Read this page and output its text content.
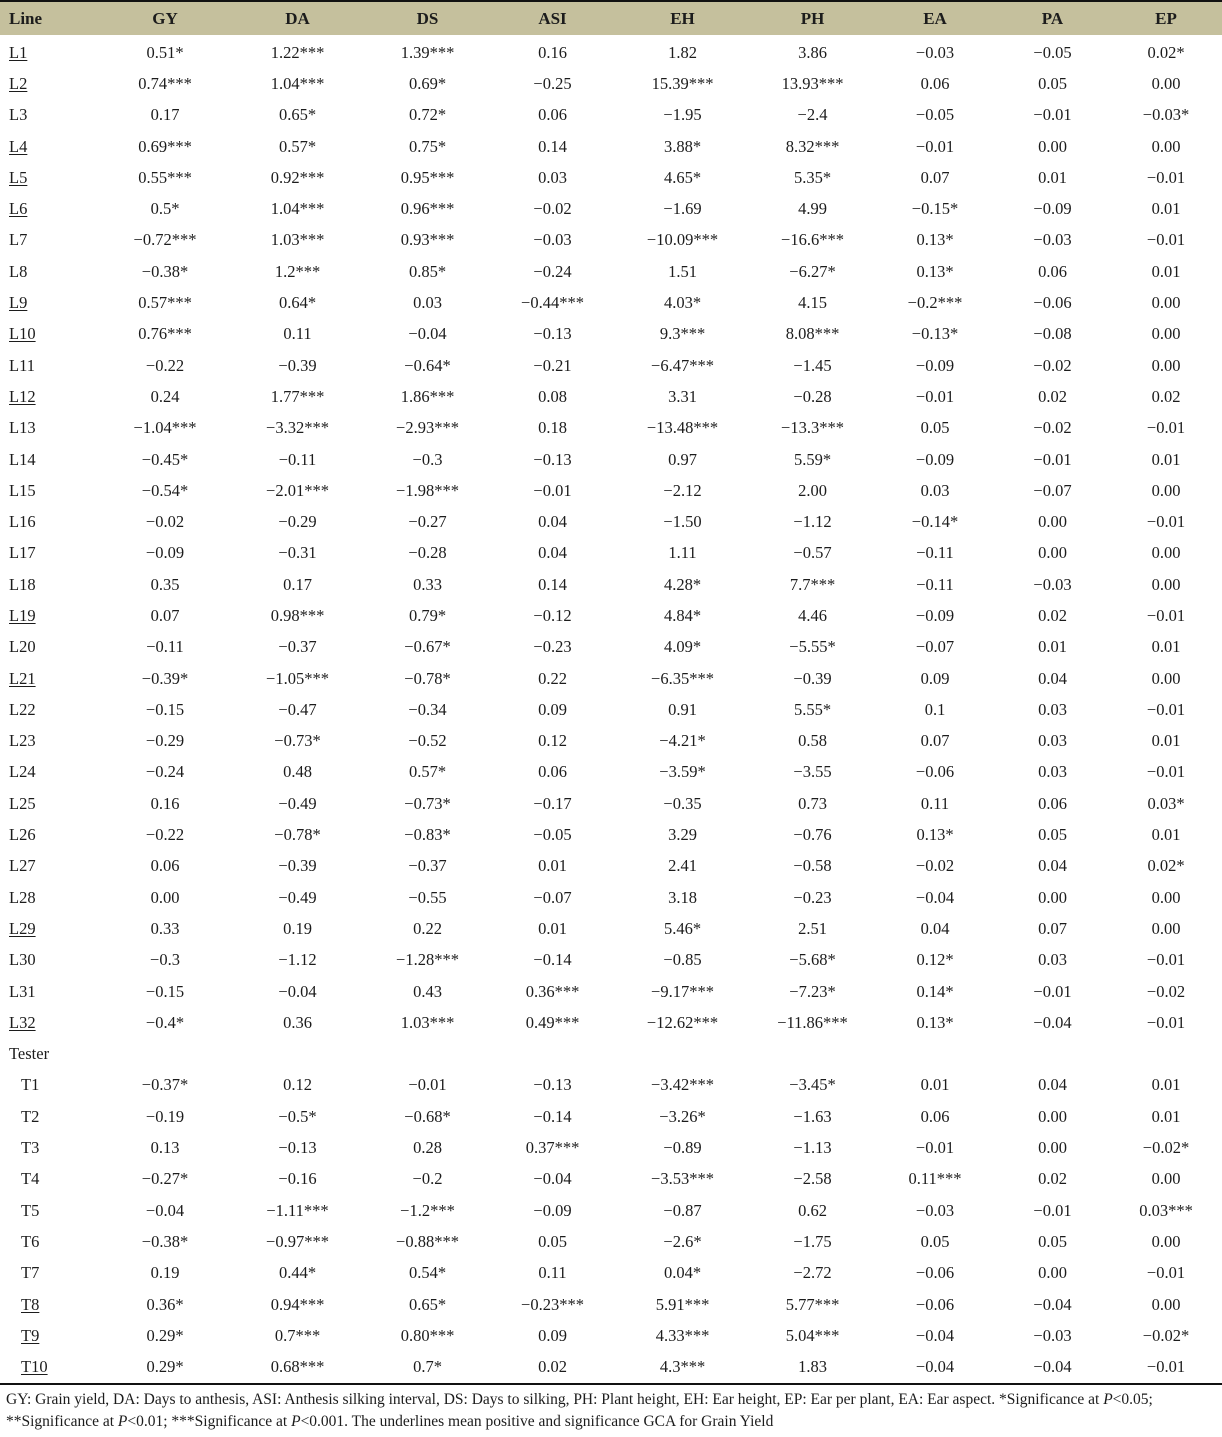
Line	GY	DA	DS	ASI	EH	PH	EA	PA	EP
L1	0.51*	1.22***	1.39***	0.16	1.82	3.86	−0.03	−0.05	0.02*
L2	0.74***	1.04***	0.69*	−0.25	15.39***	13.93***	0.06	0.05	0.00
L3	0.17	0.65*	0.72*	0.06	−1.95	−2.4	−0.05	−0.01	−0.03*
L4	0.69***	0.57*	0.75*	0.14	3.88*	8.32***	−0.01	0.00	0.00
L5	0.55***	0.92***	0.95***	0.03	4.65*	5.35*	0.07	0.01	−0.01
L6	0.5*	1.04***	0.96***	−0.02	−1.69	4.99	−0.15*	−0.09	0.01
L7	−0.72***	1.03***	0.93***	−0.03	−10.09***	−16.6***	0.13*	−0.03	−0.01
L8	−0.38*	1.2***	0.85*	−0.24	1.51	−6.27*	0.13*	0.06	0.01
L9	0.57***	0.64*	0.03	−0.44***	4.03*	4.15	−0.2***	−0.06	0.00
L10	0.76***	0.11	−0.04	−0.13	9.3***	8.08***	−0.13*	−0.08	0.00
L11	−0.22	−0.39	−0.64*	−0.21	−6.47***	−1.45	−0.09	−0.02	0.00
L12	0.24	1.77***	1.86***	0.08	3.31	−0.28	−0.01	0.02	0.02
L13	−1.04***	−3.32***	−2.93***	0.18	−13.48***	−13.3***	0.05	−0.02	−0.01
L14	−0.45*	−0.11	−0.3	−0.13	0.97	5.59*	−0.09	−0.01	0.01
L15	−0.54*	−2.01***	−1.98***	−0.01	−2.12	2.00	0.03	−0.07	0.00
L16	−0.02	−0.29	−0.27	0.04	−1.50	−1.12	−0.14*	0.00	−0.01
L17	−0.09	−0.31	−0.28	0.04	1.11	−0.57	−0.11	0.00	0.00
L18	0.35	0.17	0.33	0.14	4.28*	7.7***	−0.11	−0.03	0.00
L19	0.07	0.98***	0.79*	−0.12	4.84*	4.46	−0.09	0.02	−0.01
L20	−0.11	−0.37	−0.67*	−0.23	4.09*	−5.55*	−0.07	0.01	0.01
L21	−0.39*	−1.05***	−0.78*	0.22	−6.35***	−0.39	0.09	0.04	0.00
L22	−0.15	−0.47	−0.34	0.09	0.91	5.55*	0.1	0.03	−0.01
L23	−0.29	−0.73*	−0.52	0.12	−4.21*	0.58	0.07	0.03	0.01
L24	−0.24	0.48	0.57*	0.06	−3.59*	−3.55	−0.06	0.03	−0.01
L25	0.16	−0.49	−0.73*	−0.17	−0.35	0.73	0.11	0.06	0.03*
L26	−0.22	−0.78*	−0.83*	−0.05	3.29	−0.76	0.13*	0.05	0.01
L27	0.06	−0.39	−0.37	0.01	2.41	−0.58	−0.02	0.04	0.02*
L28	0.00	−0.49	−0.55	−0.07	3.18	−0.23	−0.04	0.00	0.00
L29	0.33	0.19	0.22	0.01	5.46*	2.51	0.04	0.07	0.00
L30	−0.3	−1.12	−1.28***	−0.14	−0.85	−5.68*	0.12*	0.03	−0.01
L31	−0.15	−0.04	0.43	0.36***	−9.17***	−7.23*	0.14*	−0.01	−0.02
L32	−0.4*	0.36	1.03***	0.49***	−12.62***	−11.86***	0.13*	−0.04	−0.01
Tester									
T1	−0.37*	0.12	−0.01	−0.13	−3.42***	−3.45*	0.01	0.04	0.01
T2	−0.19	−0.5*	−0.68*	−0.14	−3.26*	−1.63	0.06	0.00	0.01
T3	0.13	−0.13	0.28	0.37***	−0.89	−1.13	−0.01	0.00	−0.02*
T4	−0.27*	−0.16	−0.2	−0.04	−3.53***	−2.58	0.11***	0.02	0.00
T5	−0.04	−1.11***	−1.2***	−0.09	−0.87	0.62	−0.03	−0.01	0.03***
T6	−0.38*	−0.97***	−0.88***	0.05	−2.6*	−1.75	0.05	0.05	0.00
T7	0.19	0.44*	0.54*	0.11	0.04*	−2.72	−0.06	0.00	−0.01
T8	0.36*	0.94***	0.65*	−0.23***	5.91***	5.77***	−0.06	−0.04	0.00
T9	0.29*	0.7***	0.80***	0.09	4.33***	5.04***	−0.04	−0.03	−0.02*
T10	0.29*	0.68***	0.7*	0.02	4.3***	1.83	−0.04	−0.04	−0.01
GY: Grain yield, DA: Days to anthesis, ASI: Anthesis silking interval, DS: Days to silking, PH: Plant height, EH: Ear height, EP: Ear per plant, EA: Ear aspect. *Significance at P<0.05; **Significance at P<0.01; ***Significance at P<0.001. The underlines mean positive and significance GCA for Grain Yield
